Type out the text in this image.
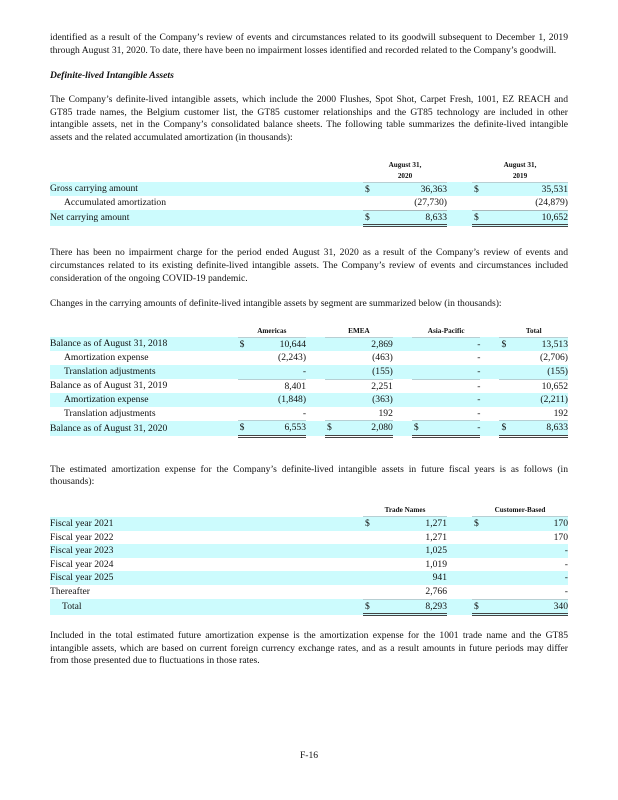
identified as a result of the Company’s review of events and circumstances related to its goodwill subsequent to December 1, 2019 through August 31, 2020. To date, there have been no impairment losses identified and recorded related to the Company’s goodwill.

Definite-lived Intangible Assets

The Company’s definite-lived intangible assets, which include the 2000 Flushes, Spot Shot, Carpet Fresh, 1001, EZ REACH and GT85 trade names, the Belgium customer list, the GT85 customer relationships and the GT85 technology are included in other intangible assets, net in the Company’s consolidated balance sheets. The following table summarizes the definite-lived intangible assets and the related accumulated amortization (in thousands):

	August 31,			August 31,	
	2020			2019	
Gross carrying amount	$	36,363		$	35,531
Accumulated amortization		(27,730)			(24,879)
Net carrying amount	$	8,633		$	10,652

There has been no impairment charge for the period ended August 31, 2020 as a result of the Company’s review of events and circumstances related to its existing definite-lived intangible assets. The Company’s review of events and circumstances included consideration of the ongoing COVID-19 pandemic.

Changes in the carrying amounts of definite-lived intangible assets by segment are summarized below (in thousands):

	Americas			EMEA			Asia-Pacific			Total	
Balance as of August 31, 2018	$	10,644			2,869			-		$	13,513
Amortization expense		(2,243)			(463)			-			(2,706)
Translation adjustments		-			(155)			-			(155)
Balance as of August 31, 2019		8,401			2,251			-			10,652
Amortization expense		(1,848)			(363)			-			(2,211)
Translation adjustments		-			192			-			192
Balance as of August 31, 2020	$	6,553		$	2,080		$	-		$	8,633

The estimated amortization expense for the Company’s definite-lived intangible assets in future fiscal years is as follows (in thousands):

	Trade Names			Customer-Based	
Fiscal year 2021	$	1,271		$	170
Fiscal year 2022		1,271			170
Fiscal year 2023		1,025			-
Fiscal year 2024		1,019			-
Fiscal year 2025		941			-
Thereafter		2,766			-
Total	$	8,293		$	340

Included in the total estimated future amortization expense is the amortization expense for the 1001 trade name and the GT85 intangible assets, which are based on current foreign currency exchange rates, and as a result amounts in future periods may differ from those presented due to fluctuations in those rates.

F-16
